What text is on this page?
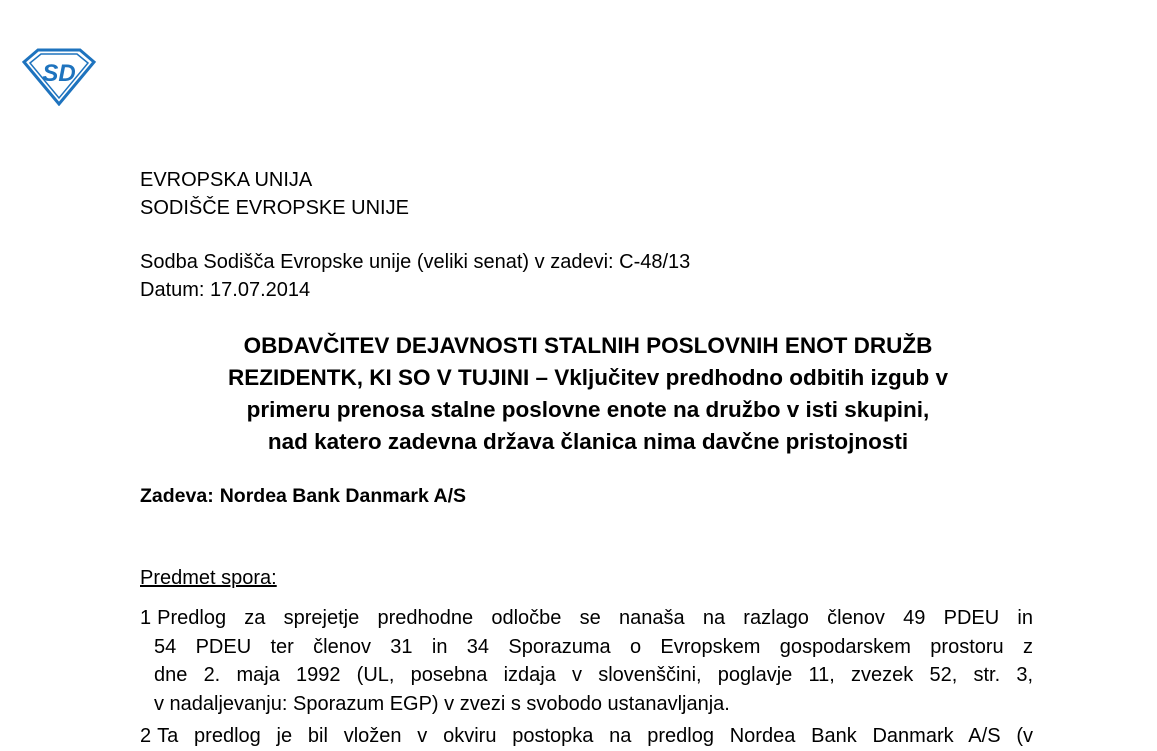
SD
EVROPSKA UNIJA
SODIŠČE EVROPSKE UNIJE
Sodba Sodišča Evropske unije (veliki senat) v zadevi: C-48/13
Datum: 17.07.2014
OBDAVČITEV DEJAVNOSTI STALNIH POSLOVNIH ENOT DRUŽB
REZIDENTK, KI SO V TUJINI – Vključitev predhodno odbitih izgub v
primeru prenosa stalne poslovne enote na družbo v isti skupini,
nad katero zadevna država članica nima davčne pristojnosti
Zadeva: Nordea Bank Danmark A/S
Predmet spora:
1 Predlog za sprejetje predhodne odločbe se nanaša na razlago členov 49 PDEU in
54 PDEU ter členov 31 in 34 Sporazuma o Evropskem gospodarskem prostoru z
dne 2. maja 1992 (UL, posebna izdaja v slovenščini, poglavje 11, zvezek 52, str. 3,
v nadaljevanju: Sporazum EGP) v zvezi s svobodo ustanavljanja.
2 Ta predlog je bil vložen v okviru postopka na predlog Nordea Bank Danmark A/S (v
